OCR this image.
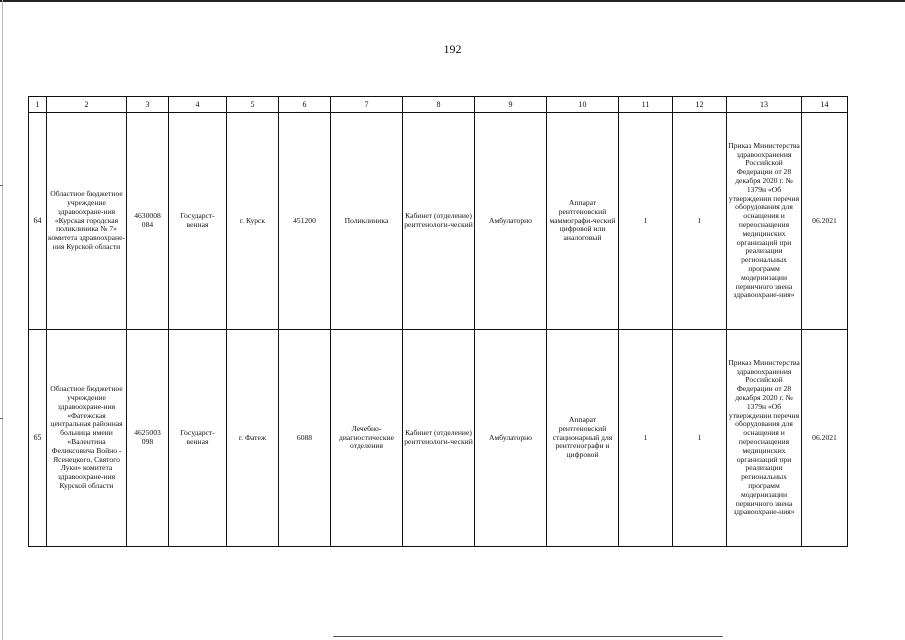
192
1	2	3	4	5	6	7	8	9	10	11	12	13	14
64	Областное бюджетное учреждение здравоохране-ния «Курская городская поликлиника № 7» комитета здравоохране-ния Курской области	4630008 084	Государст-венная	г. Курск	451200	Поликлиника	Кабинет (отделение) рентгенологи-ческий	Амбулаторно	Аппарат рентгеновский маммографи-ческий цифровой или аналоговый	1	1	Приказ Министерства здравоохранения Российской Федерации от 28 декабря 2020 г. № 1379н «Об утверждении перечня оборудования для оснащения и переоснащения медицинских организаций при реализации региональных программ модернизации первичного звена здравоохране-ния»	06.2021
65	Областное бюджетное учреждение здравоохране-ния «Фатежская центральная районная больница имени «Валентина Феликсовича Войно - Ясенецкого, Святого Луки» комитета здравоохране-ния Курской области	4625003 098	Государст-венная	г. Фатеж	6088	Лечебно-диагностические отделения	Кабинет (отделение) рентгенологи-ческий	Амбулаторно	Аппарат рентгеновский стационарный для рентгенографи и цифровой	1	1	Приказ Министерства здравоохранения Российской Федерации от 28 декабря 2020 г. № 1379н «Об утверждении перечня оборудования для оснащения и переоснащения медицинских организаций при реализации региональных программ модернизации первичного звена здравоохране-ния»	06.2021
